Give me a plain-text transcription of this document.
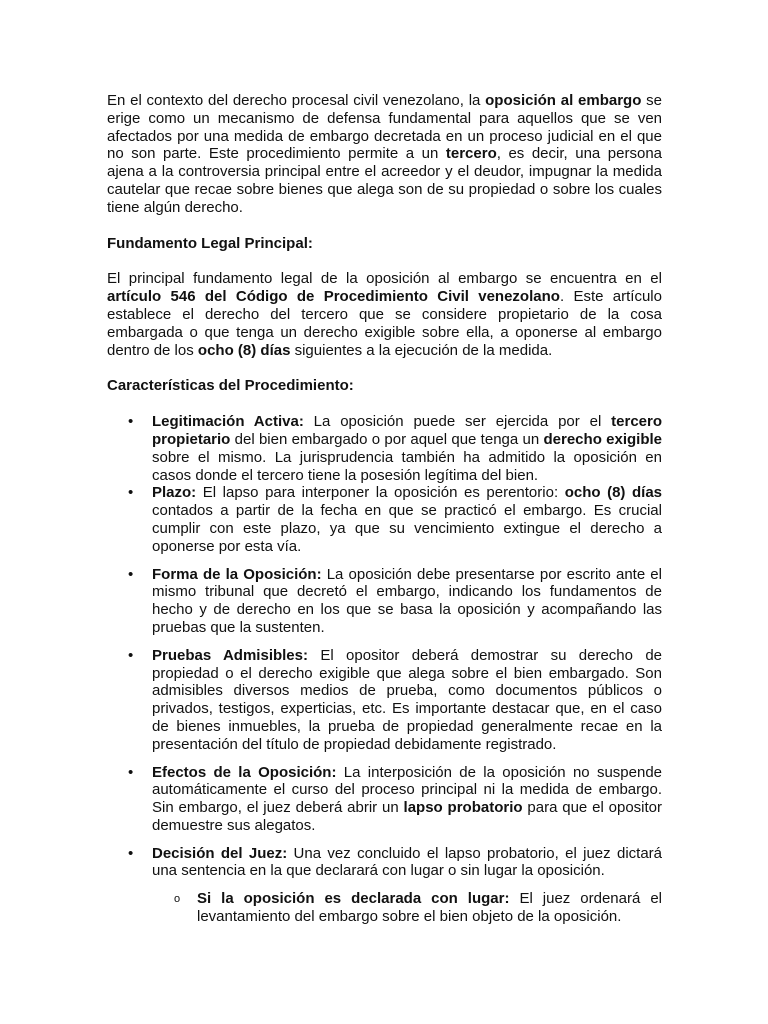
En el contexto del derecho procesal civil venezolano, la oposición al embargo se erige como un mecanismo de defensa fundamental para aquellos que se ven afectados por una medida de embargo decretada en un proceso judicial en el que no son parte. Este procedimiento permite a un tercero, es decir, una persona ajena a la controversia principal entre el acreedor y el deudor, impugnar la medida cautelar que recae sobre bienes que alega son de su propiedad o sobre los cuales tiene algún derecho.

Fundamento Legal Principal:

El principal fundamento legal de la oposición al embargo se encuentra en el artículo 546 del Código de Procedimiento Civil venezolano. Este artículo establece el derecho del tercero que se considere propietario de la cosa embargada o que tenga un derecho exigible sobre ella, a oponerse al embargo dentro de los ocho (8) días siguientes a la ejecución de la medida.

Características del Procedimiento:

• Legitimación Activa: La oposición puede ser ejercida por el tercero propietario del bien embargado o por aquel que tenga un derecho exigible sobre el mismo. La jurisprudencia también ha admitido la oposición en casos donde el tercero tiene la posesión legítima del bien.
• Plazo: El lapso para interponer la oposición es perentorio: ocho (8) días contados a partir de la fecha en que se practicó el embargo. Es crucial cumplir con este plazo, ya que su vencimiento extingue el derecho a oponerse por esta vía.
• Forma de la Oposición: La oposición debe presentarse por escrito ante el mismo tribunal que decretó el embargo, indicando los fundamentos de hecho y de derecho en los que se basa la oposición y acompañando las pruebas que la sustenten.
• Pruebas Admisibles: El opositor deberá demostrar su derecho de propiedad o el derecho exigible que alega sobre el bien embargado. Son admisibles diversos medios de prueba, como documentos públicos o privados, testigos, experticias, etc. Es importante destacar que, en el caso de bienes inmuebles, la prueba de propiedad generalmente recae en la presentación del título de propiedad debidamente registrado.
• Efectos de la Oposición: La interposición de la oposición no suspende automáticamente el curso del proceso principal ni la medida de embargo. Sin embargo, el juez deberá abrir un lapso probatorio para que el opositor demuestre sus alegatos.
• Decisión del Juez: Una vez concluido el lapso probatorio, el juez dictará una sentencia en la que declarará con lugar o sin lugar la oposición.
o Si la oposición es declarada con lugar: El juez ordenará el levantamiento del embargo sobre el bien objeto de la oposición.
